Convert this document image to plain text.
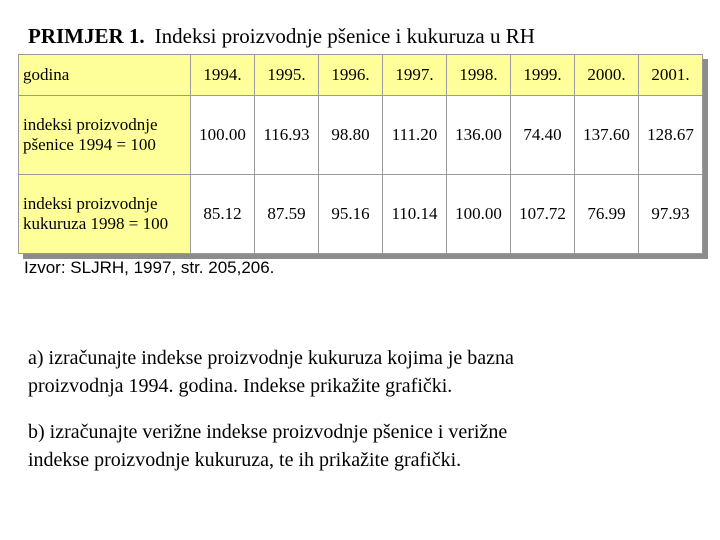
PRIMJER 1. Indeksi proizvodnje pšenice i kukuruza u RH
godina	1994.	1995.	1996.	1997.	1998.	1999.	2000.	2001.

indeksi proizvodnje
pšenice 1994 = 100	100.00	116.93	98.80	111.20	136.00	74.40	137.60	128.67

indeksi proizvodnje
kukuruza 1998 = 100	85.12	87.59	95.16	110.14	100.00	107.72	76.99	97.93
Izvor: SLJRH, 1997, str. 205,206.
a) izračunajte indekse proizvodnje kukuruza kojima je bazna
proizvodnja 1994. godina. Indekse prikažite grafički.
b) izračunajte verižne indekse proizvodnje pšenice i verižne
indekse proizvodnje kukuruza, te ih prikažite grafički.
